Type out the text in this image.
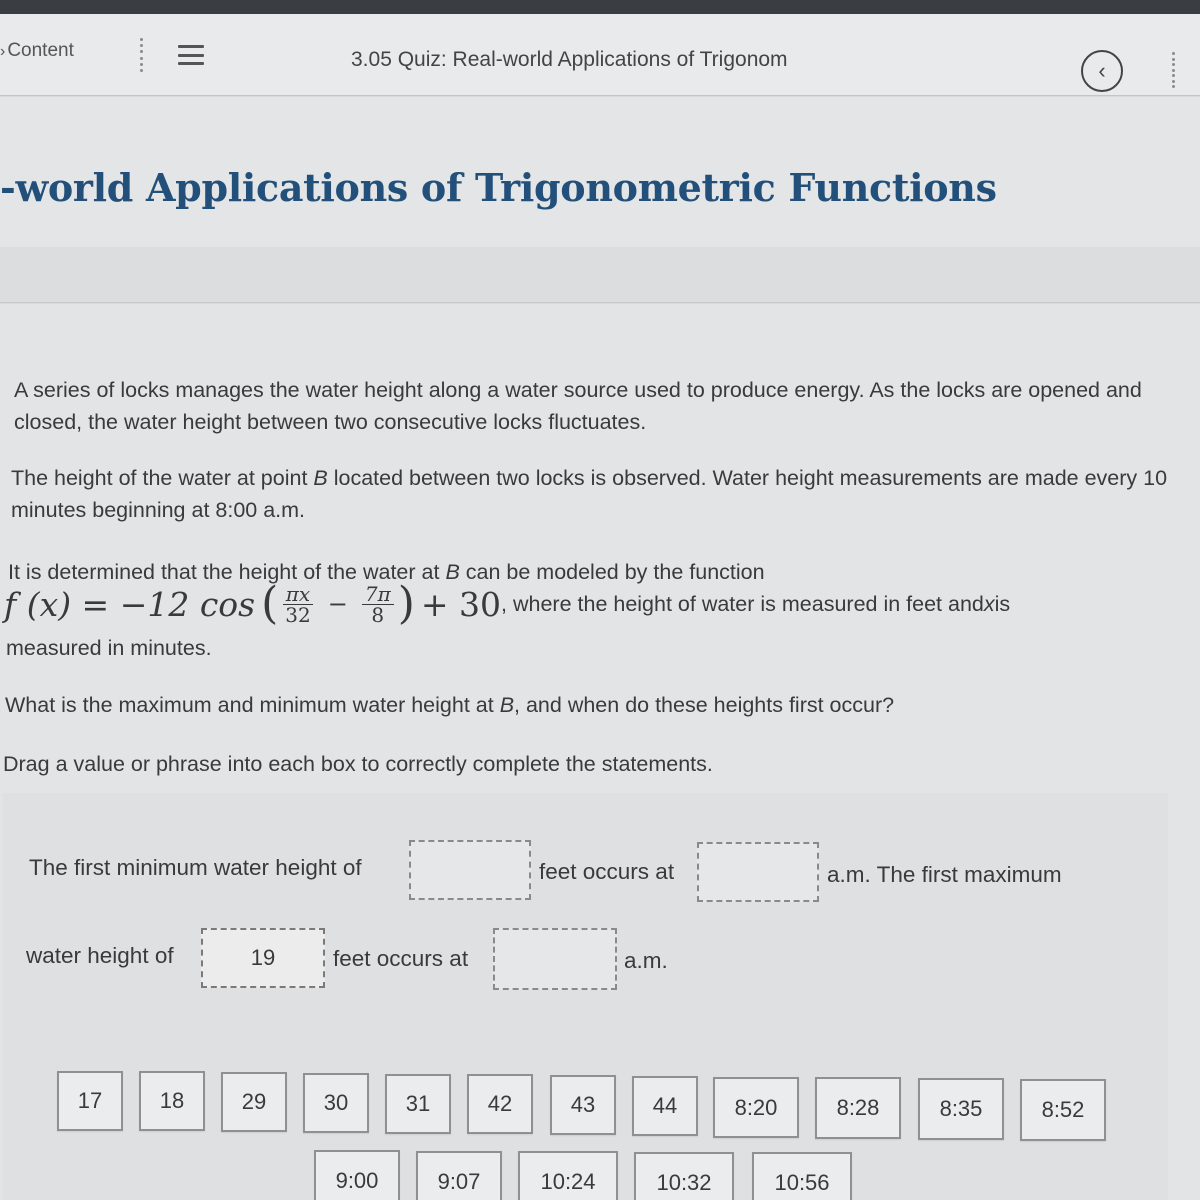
› Content	3.05 Quiz: Real-world Applications of Trigonom	‹
-world Applications of Trigonometric Functions
A series of locks manages the water height along a water source used to produce energy. As the locks are opened and closed, the water height between two consecutive locks fluctuates.
The height of the water at point B located between two locks is observed. Water height measurements are made every 10 minutes beginning at 8:00 a.m.
It is determined that the height of the water at B can be modeled by the function
f (x) = −12 cos ( $\frac{\pi x}{32} - \frac{7\pi}{8}$ ) + 30 , where the height of water is measured in feet and x is
measured in minutes.
What is the maximum and minimum water height at B, and when do these heights first occur?
Drag a value or phrase into each box to correctly complete the statements.
The first minimum water height of	feet occurs at	a.m. The first maximum
water height of	19	feet occurs at	a.m.
17	18	29	30	31	42	43	44	8:20	8:28	8:35	8:52
9:00	9:07	10:24	10:32	10:56
